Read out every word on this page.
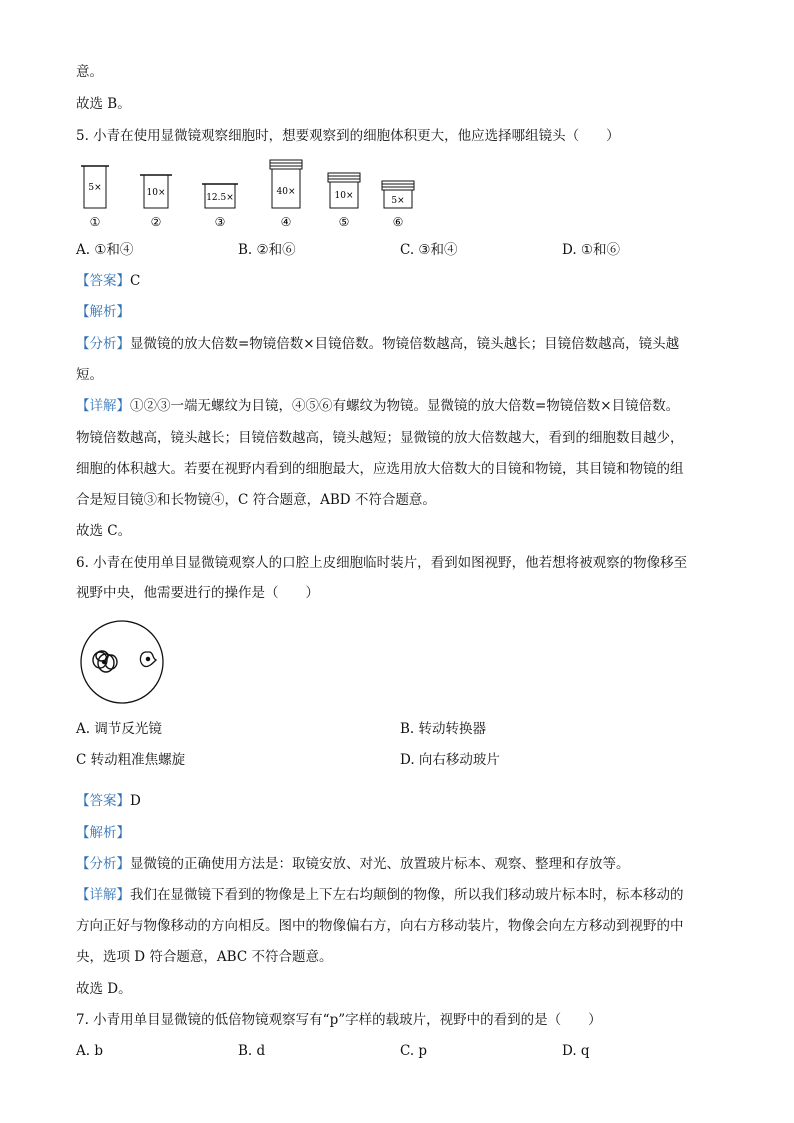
意。
故选 B。
5. 小青在使用显微镜观察细胞时，想要观察到的细胞体积更大，他应选择哪组镜头（　　）
5×
①
10×
②
12.5×
③
40×
④
10×
⑤
5×
⑥
A. ①和④	B. ②和⑥	C. ③和④	D. ①和⑥
【答案】C
【解析】
【分析】显微镜的放大倍数=物镜倍数×目镜倍数。物镜倍数越高，镜头越长；目镜倍数越高，镜头越
短。
【详解】①②③一端无螺纹为目镜，④⑤⑥有螺纹为物镜。显微镜的放大倍数=物镜倍数×目镜倍数。
物镜倍数越高，镜头越长；目镜倍数越高，镜头越短；显微镜的放大倍数越大，看到的细胞数目越少，
细胞的体积越大。若要在视野内看到的细胞最大，应选用放大倍数大的目镜和物镜，其目镜和物镜的组
合是短目镜③和长物镜④，C 符合题意，ABD 不符合题意。
故选 C。
6. 小青在使用单目显微镜观察人的口腔上皮细胞临时装片，看到如图视野，他若想将被观察的物像移至
视野中央，他需要进行的操作是（　　）
A. 调节反光镜	B. 转动转换器
C 转动粗准焦螺旋	D. 向右移动玻片
【答案】D
【解析】
【分析】显微镜的正确使用方法是：取镜安放、对光、放置玻片标本、观察、整理和存放等。
【详解】我们在显微镜下看到的物像是上下左右均颠倒的物像，所以我们移动玻片标本时，标本移动的
方向正好与物像移动的方向相反。图中的物像偏右方，向右方移动装片，物像会向左方移动到视野的中
央，选项 D 符合题意，ABC 不符合题意。
故选 D。
7. 小青用单目显微镜的低倍物镜观察写有“p”字样的载玻片，视野中的看到的是（　　）
A. b	B. d	C. p	D. q
